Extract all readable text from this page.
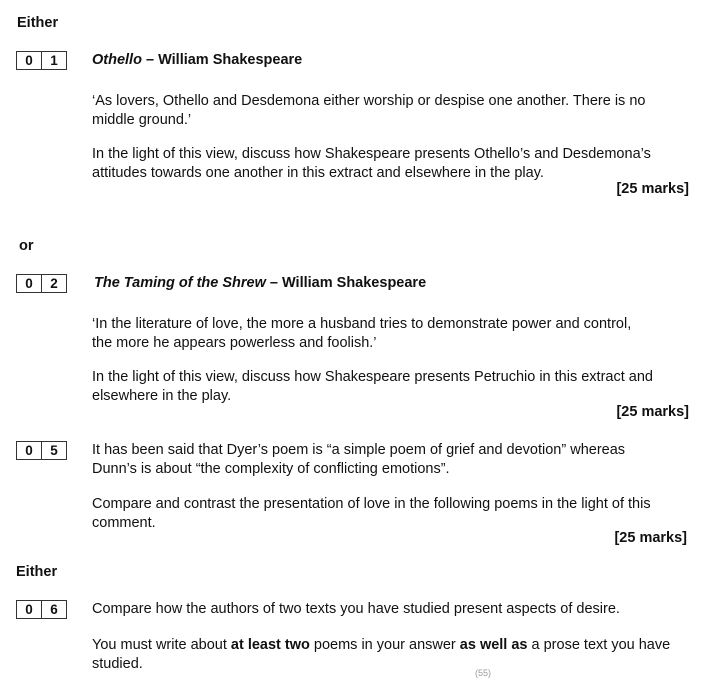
Either
0	1	Othello – William Shakespeare
‘As lovers, Othello and Desdemona either worship or despise one another. There is no middle ground.’
In the light of this view, discuss how Shakespeare presents Othello’s and Desdemona’s attitudes towards one another in this extract and elsewhere in the play.
[25 marks]
or
0	2	The Taming of the Shrew – William Shakespeare
‘In the literature of love, the more a husband tries to demonstrate power and control, the more he appears powerless and foolish.’
In the light of this view, discuss how Shakespeare presents Petruchio in this extract and elsewhere in the play.
[25 marks]
0	5	It has been said that Dyer’s poem is “a simple poem of grief and devotion” whereas Dunn’s is about “the complexity of conflicting emotions”.
Compare and contrast the presentation of love in the following poems in the light of this comment.
[25 marks]
Either
0	6	Compare how the authors of two texts you have studied present aspects of desire.
You must write about at least two poems in your answer as well as a prose text you have studied.
(55)
